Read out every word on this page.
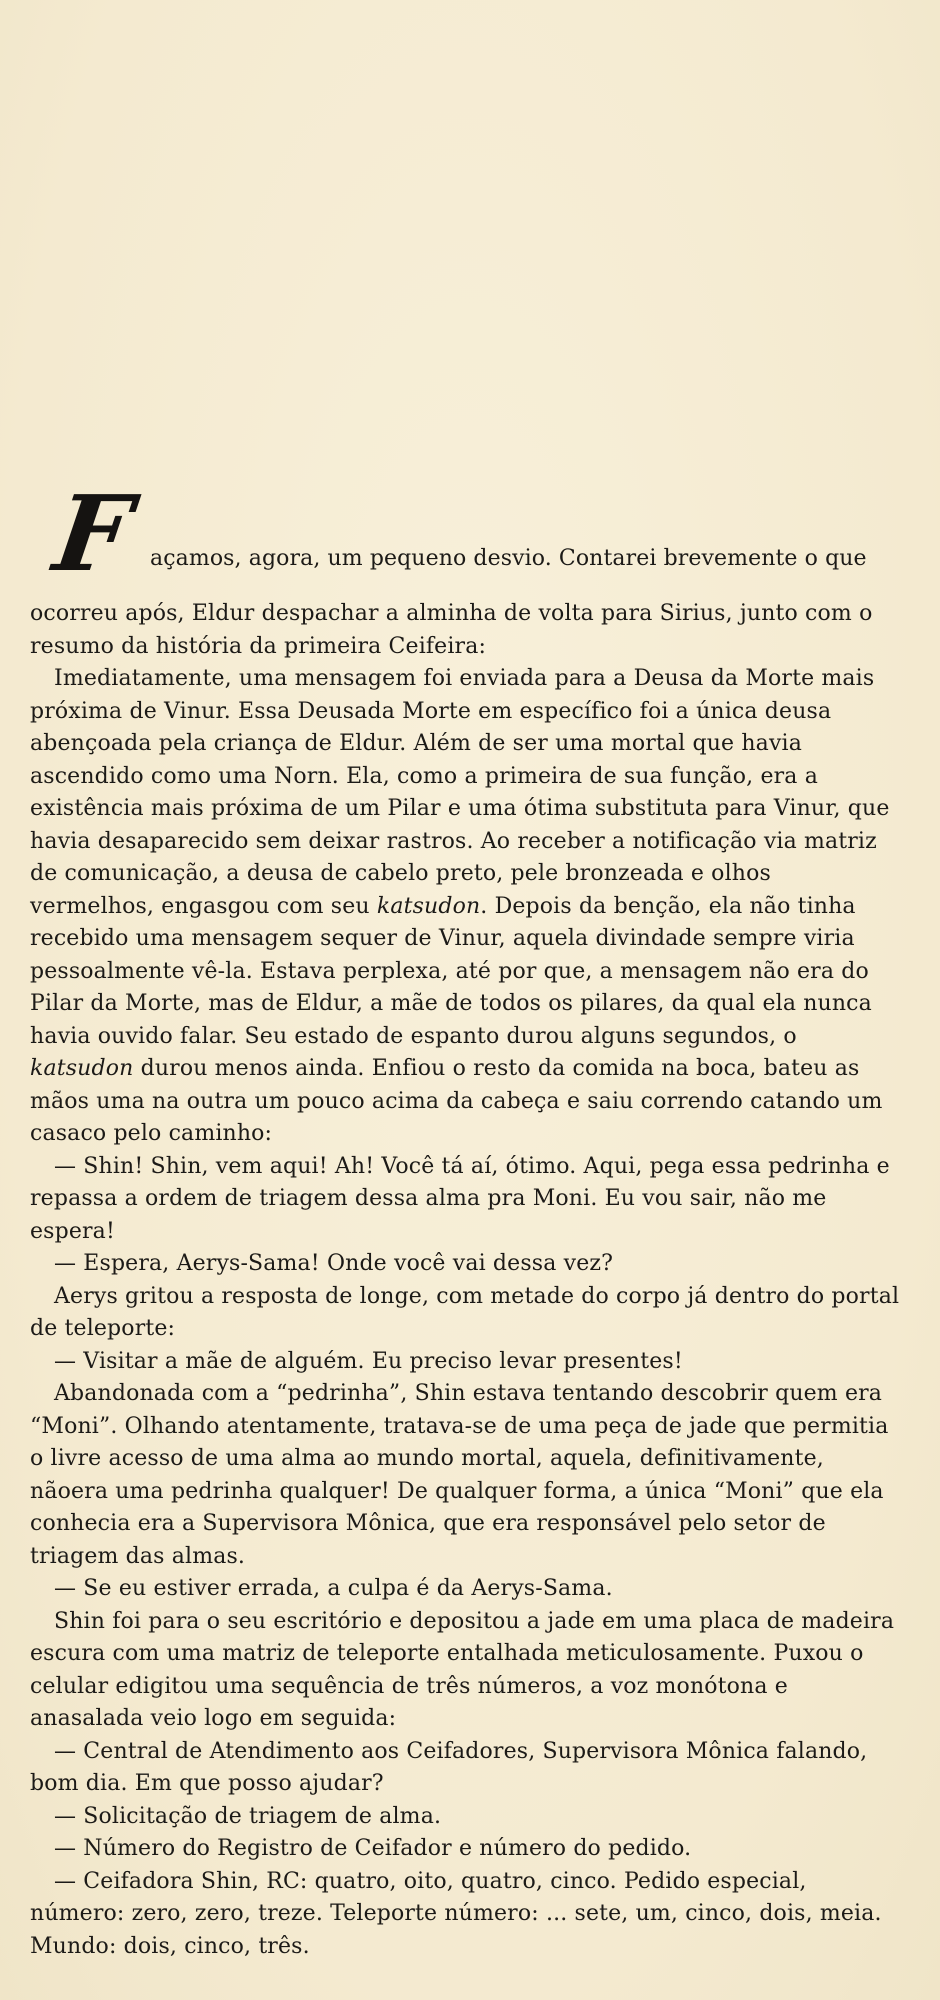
F açamos, agora, um pequeno desvio. Contarei brevemente o que

ocorreu após, Eldur despachar a alminha de volta para Sirius, junto com o resumo da história da primeira Ceifeira:

Imediatamente, uma mensagem foi enviada para a Deusa da Morte mais próxima de Vinur. Essa Deusada Morte em específico foi a única deusa abençoada pela criança de Eldur. Além de ser uma mortal que havia ascendido como uma Norn. Ela, como a primeira de sua função, era a existência mais próxima de um Pilar e uma ótima substituta para Vinur, que havia desaparecido sem deixar rastros. Ao receber a notificação via matriz de comunicação, a deusa de cabelo preto, pele bronzeada e olhos vermelhos, engasgou com seu katsudon. Depois da benção, ela não tinha recebido uma mensagem sequer de Vinur, aquela divindade sempre viria pessoalmente vê-la. Estava perplexa, até por que, a mensagem não era do Pilar da Morte, mas de Eldur, a mãe de todos os pilares, da qual ela nunca havia ouvido falar. Seu estado de espanto durou alguns segundos, o katsudon durou menos ainda. Enfiou o resto da comida na boca, bateu as mãos uma na outra um pouco acima da cabeça e saiu correndo catando um casaco pelo caminho:

— Shin! Shin, vem aqui! Ah! Você tá aí, ótimo. Aqui, pega essa pedrinha e repassa a ordem de triagem dessa alma pra Moni. Eu vou sair, não me espera!

— Espera, Aerys-Sama! Onde você vai dessa vez?

Aerys gritou a resposta de longe, com metade do corpo já dentro do portal de teleporte:

— Visitar a mãe de alguém. Eu preciso levar presentes!

Abandonada com a “pedrinha”, Shin estava tentando descobrir quem era “Moni”. Olhando atentamente, tratava-se de uma peça de jade que permitia o livre acesso de uma alma ao mundo mortal, aquela, definitivamente, nãoera uma pedrinha qualquer! De qualquer forma, a única “Moni” que ela conhecia era a Supervisora Mônica, que era responsável pelo setor de triagem das almas.

— Se eu estiver errada, a culpa é da Aerys-Sama.

Shin foi para o seu escritório e depositou a jade em uma placa de madeira escura com uma matriz de teleporte entalhada meticulosamente. Puxou o celular edigitou uma sequência de três números, a voz monótona e anasalada veio logo em seguida:

— Central de Atendimento aos Ceifadores, Supervisora Mônica falando, bom dia. Em que posso ajudar?

— Solicitação de triagem de alma.

— Número do Registro de Ceifador e número do pedido.

— Ceifadora Shin, RC: quatro, oito, quatro, cinco. Pedido especial, número: zero, zero, treze. Teleporte número: ... sete, um, cinco, dois, meia. Mundo: dois, cinco, três.
